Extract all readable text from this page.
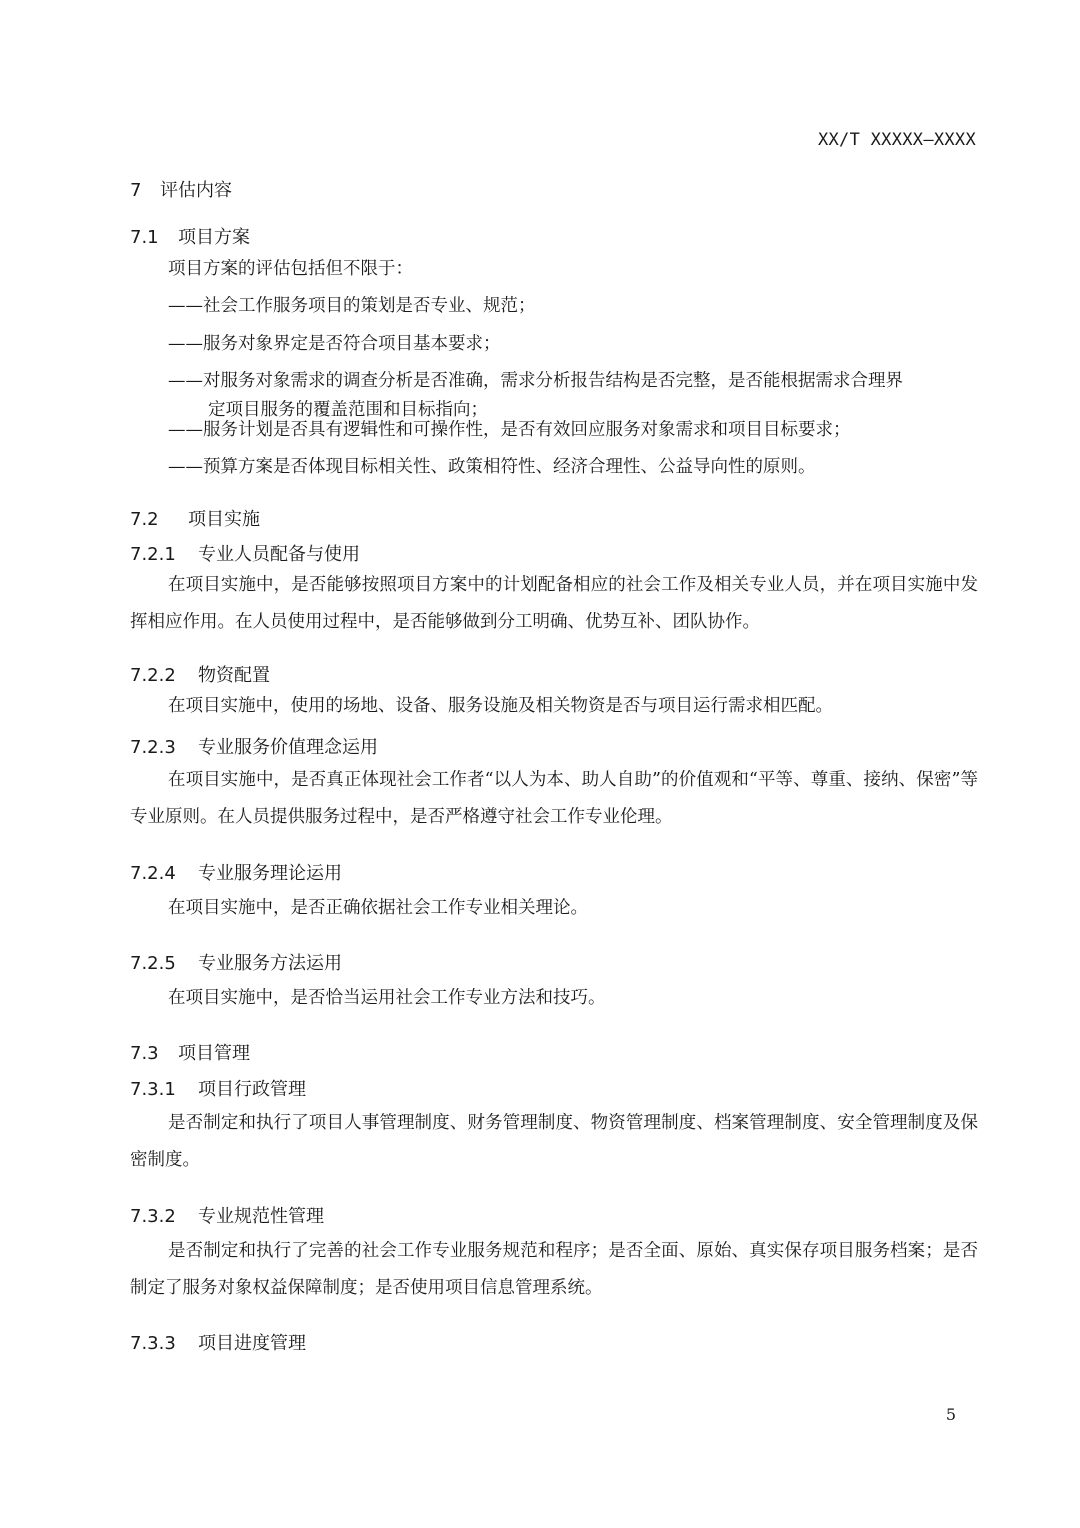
XX/T XXXXX—XXXX
7 评估内容
7.1 项目方案
项目方案的评估包括但不限于：
——社会工作服务项目的策划是否专业、规范；
——服务对象界定是否符合项目基本要求；
——对服务对象需求的调查分析是否准确，需求分析报告结构是否完整，是否能根据需求合理界
定项目服务的覆盖范围和目标指向；
——服务计划是否具有逻辑性和可操作性，是否有效回应服务对象需求和项目目标要求；
——预算方案是否体现目标相关性、政策相符性、经济合理性、公益导向性的原则。
7.2 项目实施
7.2.1 专业人员配备与使用
在项目实施中，是否能够按照项目方案中的计划配备相应的社会工作及相关专业人员，并在项目实施中发挥相应作用。在人员使用过程中，是否能够做到分工明确、优势互补、团队协作。
7.2.2 物资配置
在项目实施中，使用的场地、设备、服务设施及相关物资是否与项目运行需求相匹配。
7.2.3 专业服务价值理念运用
在项目实施中，是否真正体现社会工作者“以人为本、助人自助”的价值观和“平等、尊重、接纳、保密”等专业原则。在人员提供服务过程中，是否严格遵守社会工作专业伦理。
7.2.4 专业服务理论运用
在项目实施中，是否正确依据社会工作专业相关理论。
7.2.5 专业服务方法运用
在项目实施中，是否恰当运用社会工作专业方法和技巧。
7.3 项目管理
7.3.1 项目行政管理
是否制定和执行了项目人事管理制度、财务管理制度、物资管理制度、档案管理制度、安全管理制度及保密制度。
7.3.2 专业规范性管理
是否制定和执行了完善的社会工作专业服务规范和程序；是否全面、原始、真实保存项目服务档案；是否制定了服务对象权益保障制度；是否使用项目信息管理系统。
7.3.3 项目进度管理
5
